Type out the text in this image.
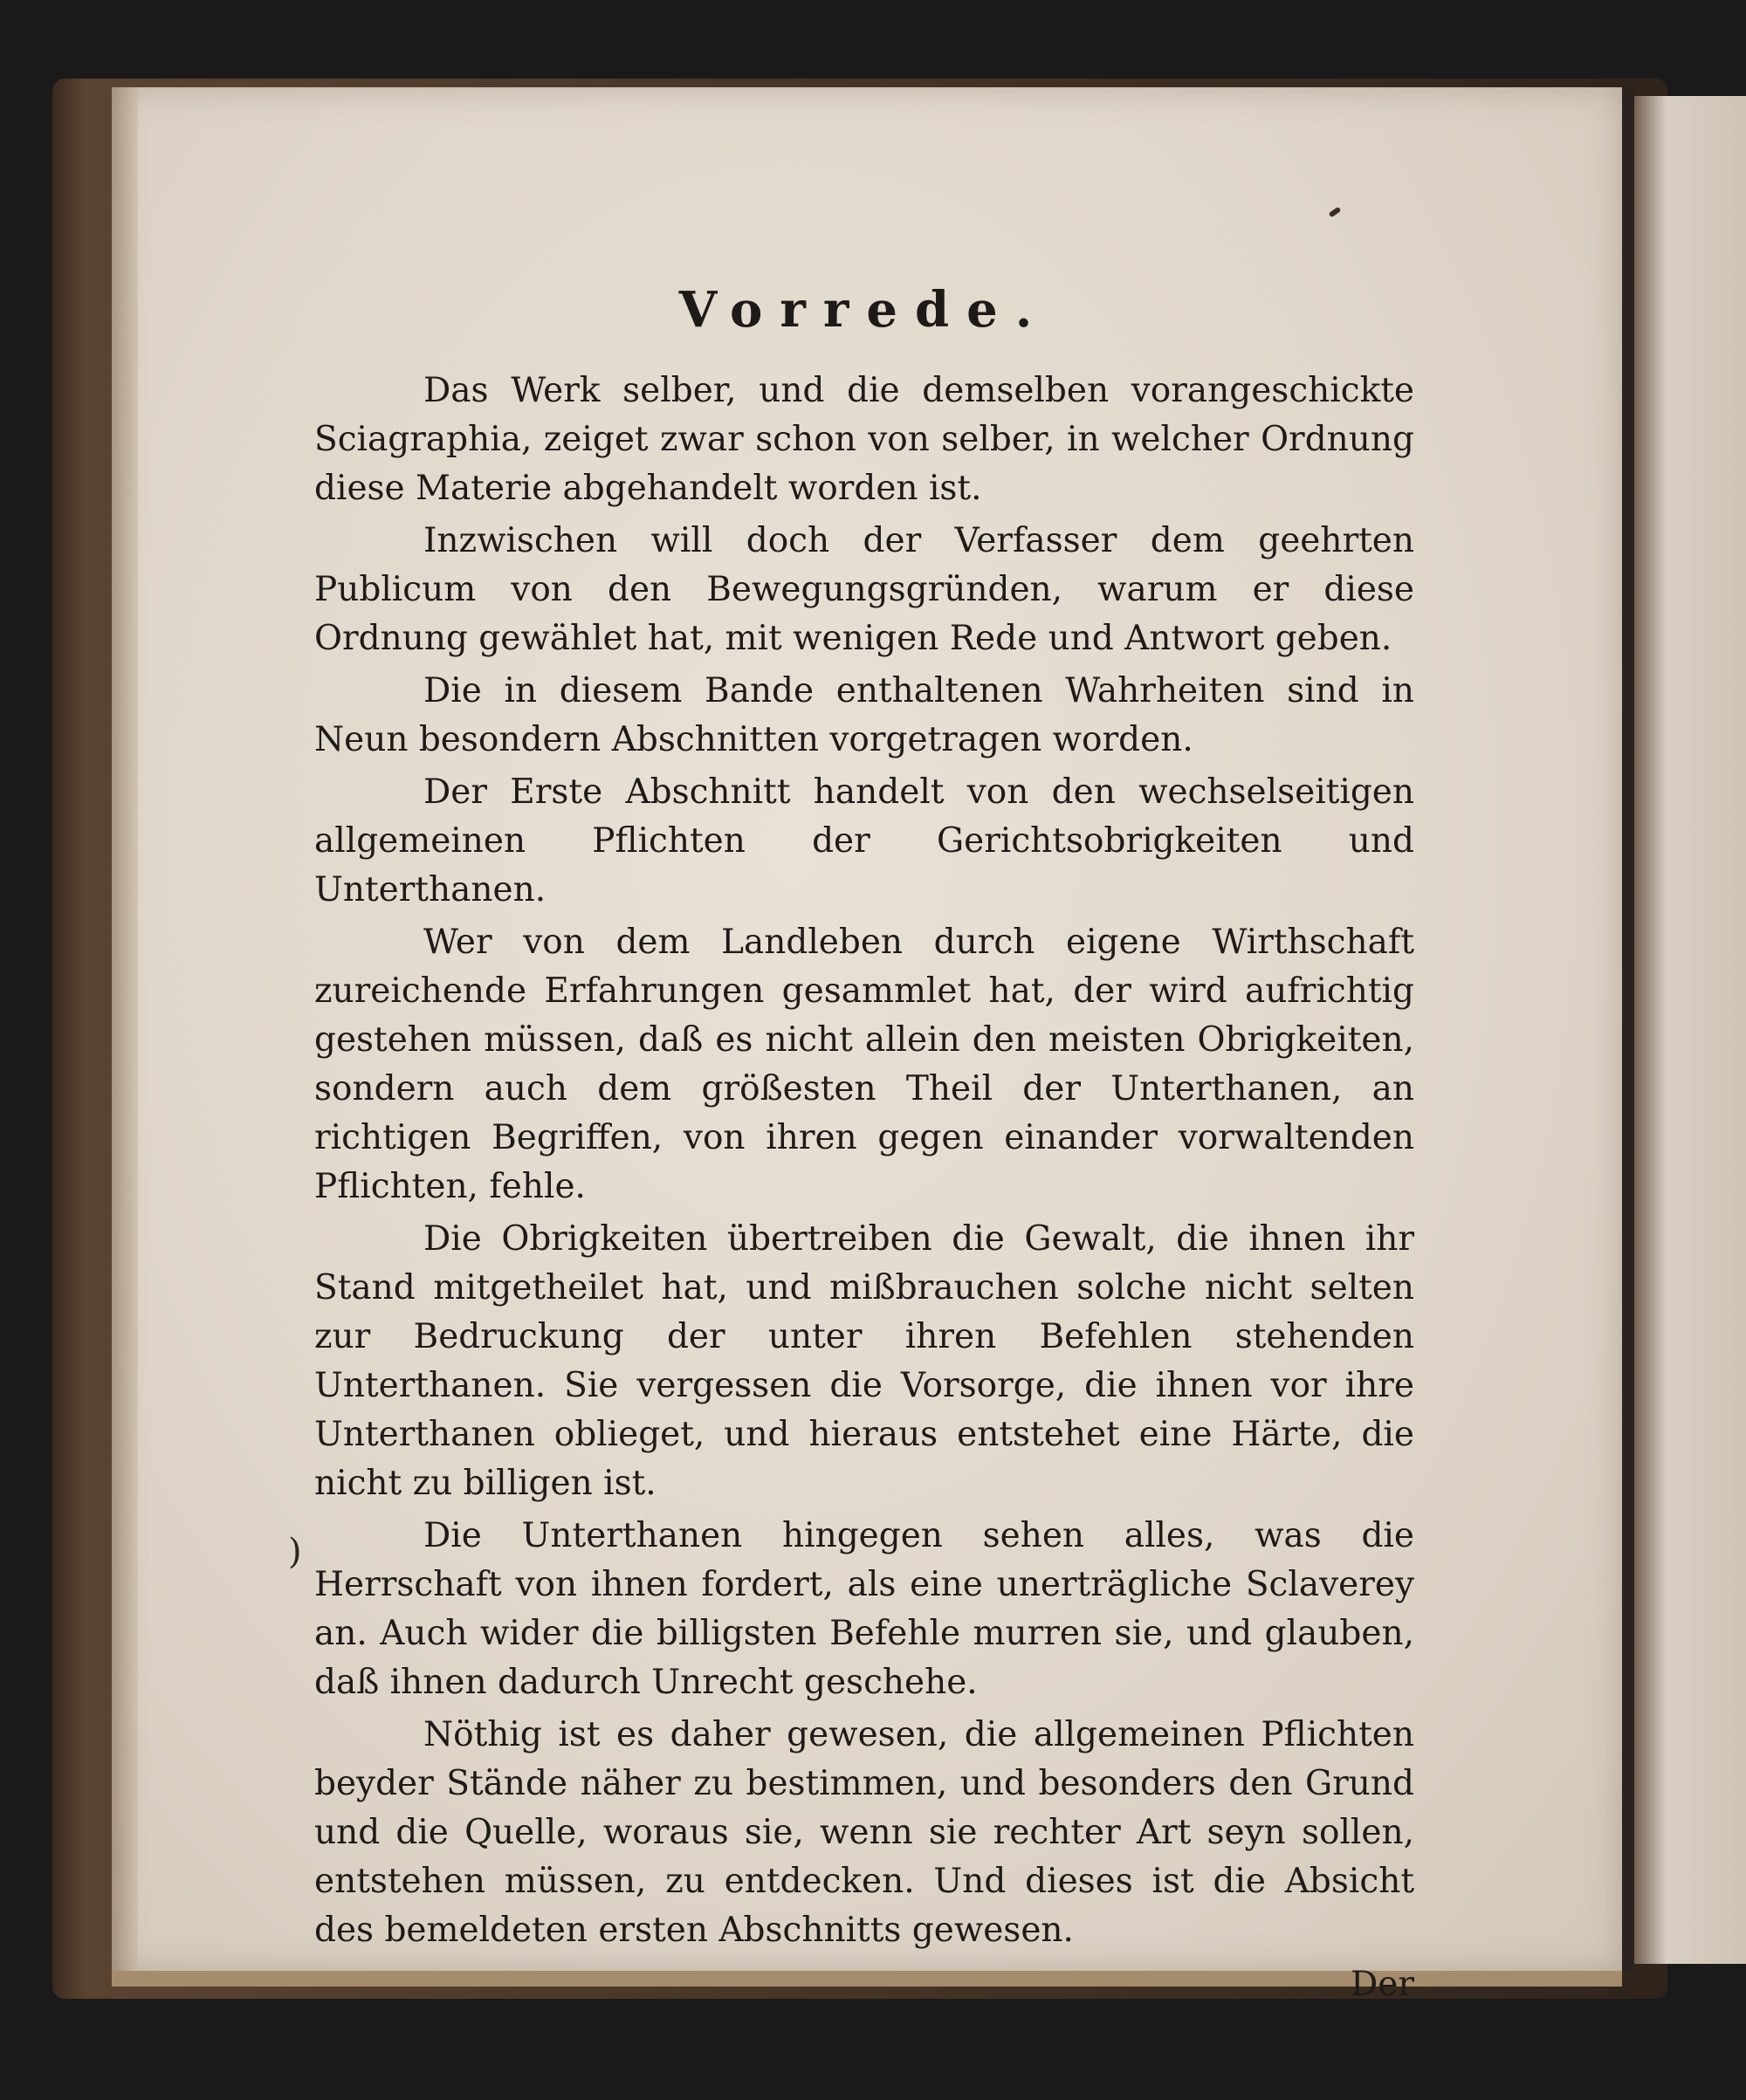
)
Vorrede.

Das Werk selber, und die demselben vorangeschickte Sciagraphia, zeiget zwar schon von selber, in welcher Ordnung diese Materie abgehandelt worden ist.

Inzwischen will doch der Verfasser dem geehrten Publicum von den Bewegungsgründen, warum er diese Ordnung gewählet hat, mit wenigen Rede und Antwort geben.

Die in diesem Bande enthaltenen Wahrheiten sind in Neun besondern Abschnitten vorgetragen worden.

Der Erste Abschnitt handelt von den wechselseitigen allgemeinen Pflichten der Gerichtsobrigkeiten und Unterthanen.

Wer von dem Landleben durch eigene Wirthschaft zureichende Erfahrungen gesammlet hat, der wird aufrichtig gestehen müssen, daß es nicht allein den meisten Obrigkeiten, sondern auch dem größesten Theil der Unterthanen, an richtigen Begriffen, von ihren gegen einander vorwaltenden Pflichten, fehle.

Die Obrigkeiten übertreiben die Gewalt, die ihnen ihr Stand mitgetheilet hat, und mißbrauchen solche nicht selten zur Bedruckung der unter ihren Befehlen stehenden Unterthanen. Sie vergessen die Vorsorge, die ihnen vor ihre Unterthanen oblieget, und hieraus entstehet eine Härte, die nicht zu billigen ist.

Die Unterthanen hingegen sehen alles, was die Herrschaft von ihnen fordert, als eine unerträgliche Sclaverey an. Auch wider die billigsten Befehle murren sie, und glauben, daß ihnen dadurch Unrecht geschehe.

Nöthig ist es daher gewesen, die allgemeinen Pflichten beyder Stände näher zu bestimmen, und besonders den Grund und die Quelle, woraus sie, wenn sie rechter Art seyn sollen, entstehen müssen, zu entdecken. Und dieses ist die Absicht des bemeldeten ersten Abschnitts gewesen.

Der
